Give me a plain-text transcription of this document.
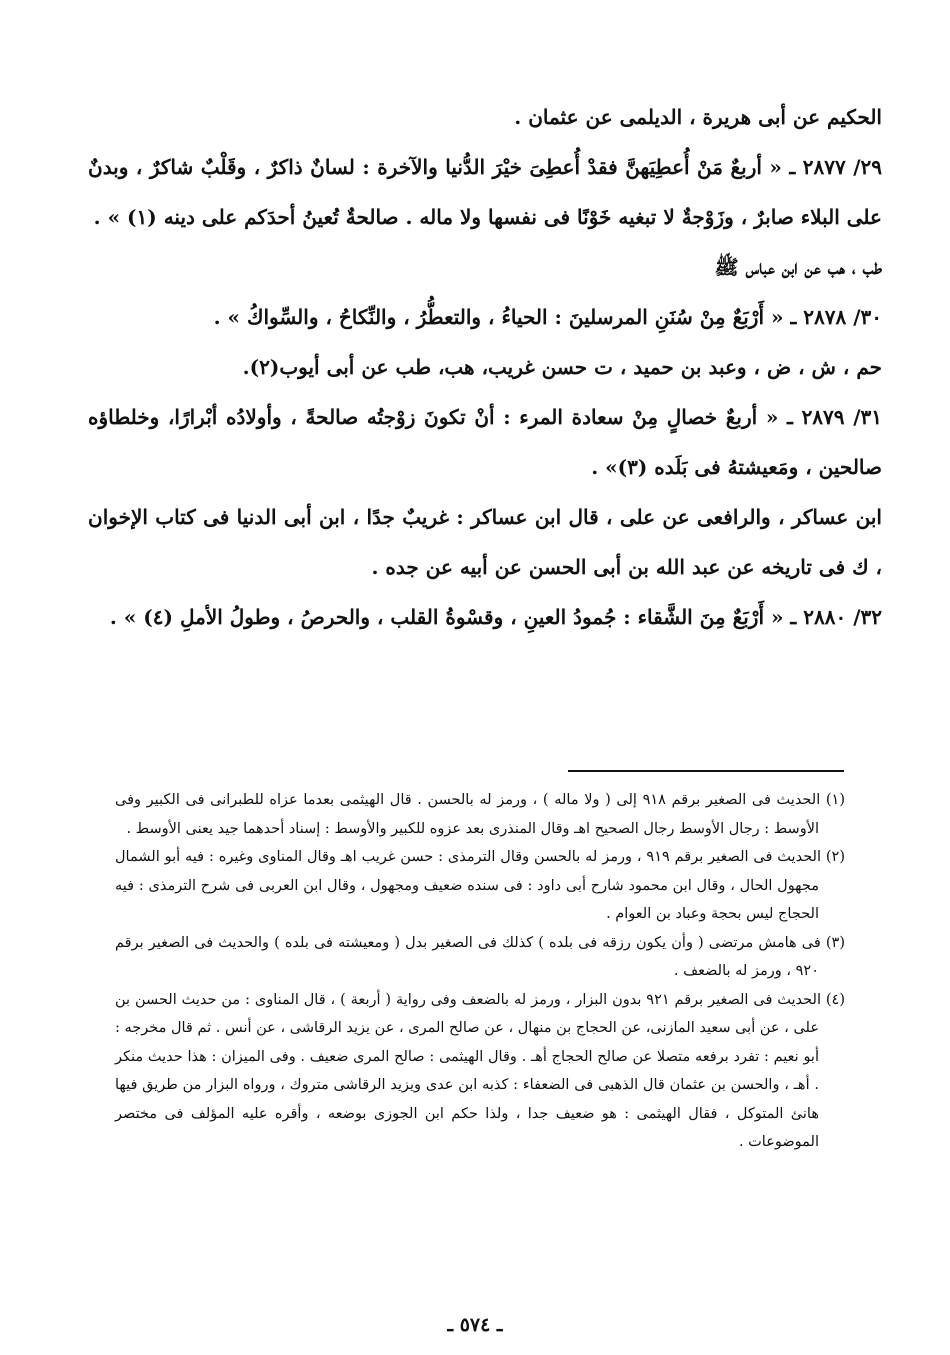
الحكيم عن أبى هريرة ، الديلمى عن عثمان .

٢٩/ ٢٨٧٧ ـ « أربعٌ مَنْ أُعطِيَهنَّ فقدْ أُعطِىَ خيْرَ الدُّنيا والآخرة : لسانٌ ذاكرٌ ، وقَلْبٌ شاكرٌ ، وبدنٌ على البلاء صابرٌ ، وزَوْجةٌ لا تبغيه خَوْنًا فى نفسها ولا ماله . صالحةٌ تُعينُ أحدَكم على دينه (١) » .

طب ، هب عن ابن عباس ﷺ

٣٠/ ٢٨٧٨ ـ « أَرْبَعٌ مِنْ سُنَنِ المرسلينَ : الحياءُ ، والتعطُّرُ ، والنِّكاحُ ، والسِّواكُ » .

حم ، ش ، ض ، وعبد بن حميد ، ت حسن غريب، هب، طب عن أبى أيوب(٢).

٣١/ ٢٨٧٩ ـ « أربعٌ خصالٍ مِنْ سعادة المرء : أنْ تكونَ زوْجتُه صالحةً ، وأولادُه أبْرارًا، وخلطاؤه صالحين ، ومَعيشتهُ فى بَلَده (٣)» .

ابن عساكر ، والرافعى عن على ، قال ابن عساكر : غريبٌ جدًا ، ابن أبى الدنيا فى كتاب الإخوان ، ك فى تاريخه عن عبد الله بن أبى الحسن عن أبيه عن جده .

٣٢/ ٢٨٨٠ ـ « أَرْبَعٌ مِنَ الشَّقاء : جُمودُ العينِ ، وقسْوةُ القلب ، والحرصُ ، وطولُ الأملِ (٤) » .

(١) الحديث فى الصغير برقم ٩١٨ إلى ( ولا ماله ) ، ورمز له بالحسن . قال الهيثمى بعدما عزاه للطبرانى فى الكبير وفى الأوسط : رجال الأوسط رجال الصحيح اهـ وقال المنذرى بعد عزوه للكبير والأوسط : إسناد أحدهما جيد يعنى الأوسط .

(٢) الحديث فى الصغير برقم ٩١٩ ، ورمز له بالحسن وقال الترمذى : حسن غريب اهـ وقال المناوى وغيره : فيه أبو الشمال مجهول الحال ، وقال ابن محمود شارح أبى داود : فى سنده ضعيف ومجهول ، وقال ابن العربى فى شرح الترمذى : فيه الحجاج ليس بحجة وعباد بن العوام .

(٣) فى هامش مرتضى ( وأن يكون رزقه فى بلده ) كذلك فى الصغير بدل ( ومعيشته فى بلده ) والحديث فى الصغير برقم ٩٢٠ ، ورمز له بالضعف .

(٤) الحديث فى الصغير برقم ٩٢١ بدون البزار ، ورمز له بالضعف وفى رواية ( أربعة ) ، قال المناوى : من حديث الحسن بن على ، عن أبى سعيد المازنى، عن الحجاج بن منهال ، عن صالح المرى ، عن يزيد الرقاشى ، عن أنس . ثم قال مخرجه : أبو نعيم : تفرد برفعه متصلا عن صالح الحجاج أهـ . وقال الهيثمى : صالح المرى ضعيف . وفى الميزان : هذا حديث منكر . أهـ ، والحسن بن عثمان قال الذهبى فى الضعفاء : كذبه ابن عدى ويزيد الرقاشى متروك ، ورواه البزار من طريق فيها هانئ المتوكل ، فقال الهيثمى : هو ضعيف جدا ، ولذا حكم ابن الجوزى بوضعه ، وأقره عليه المؤلف فى مختصر الموضوعات .

ـ ٥٧٤ ـ
